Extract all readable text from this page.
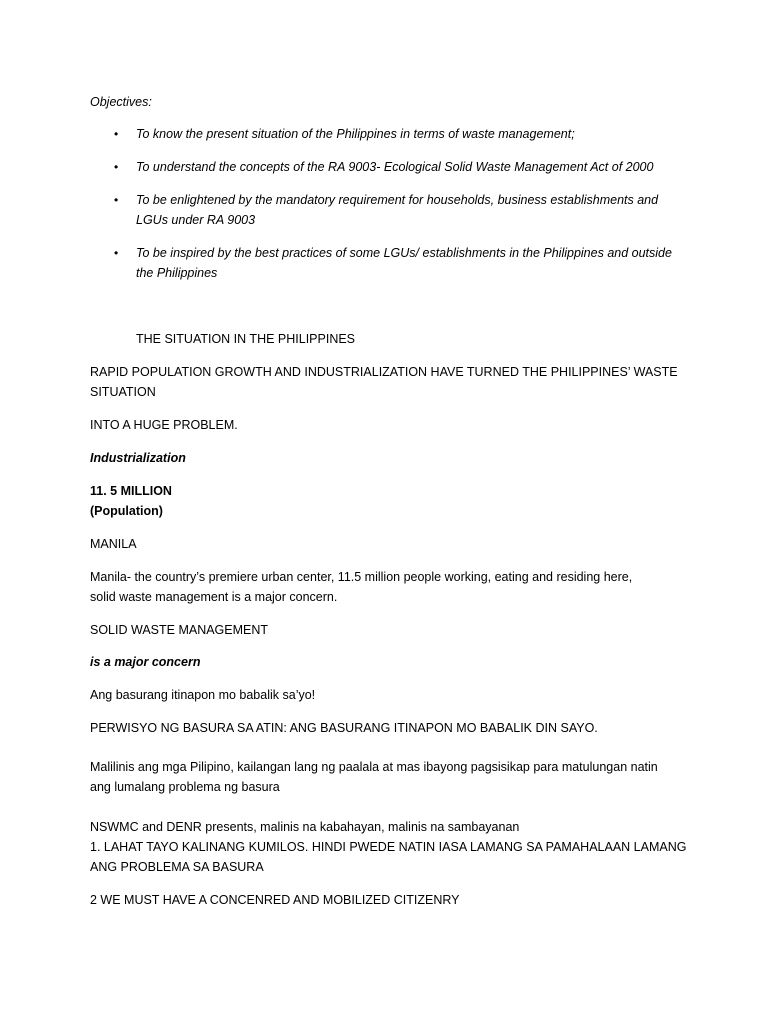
Objectives:
• To know the present situation of the Philippines in terms of waste management;
• To understand the concepts of the RA 9003- Ecological Solid Waste Management Act of 2000
• To be enlightened by the mandatory requirement for households, business establishments and LGUs under RA 9003
• To be inspired by the best practices of some LGUs/ establishments in the Philippines and outside the Philippines
THE SITUATION IN THE PHILIPPINES
RAPID POPULATION GROWTH AND INDUSTRIALIZATION HAVE TURNED THE PHILIPPINES’ WASTE
SITUATION
INTO A HUGE PROBLEM.
Industrialization
11. 5 MILLION
(Population)
MANILA
Manila- the country’s premiere urban center, 11.5 million people working, eating and residing here,
solid waste management is a major concern.
SOLID WASTE MANAGEMENT
is a major concern
Ang basurang itinapon mo babalik sa’yo!
PERWISYO NG BASURA SA ATIN: ANG BASURANG ITINAPON MO BABALIK DIN SAYO.
Malilinis ang mga Pilipino, kailangan lang ng paalala at mas ibayong pagsisikap para matulungan natin
ang lumalang problema ng basura
NSWMC and DENR presents, malinis na kabahayan, malinis na sambayanan
1. LAHAT TAYO KALINANG KUMILOS. HINDI PWEDE NATIN IASA LAMANG SA PAMAHALAAN LAMANG
ANG PROBLEMA SA BASURA
2 WE MUST HAVE A CONCENRED AND MOBILIZED CITIZENRY
